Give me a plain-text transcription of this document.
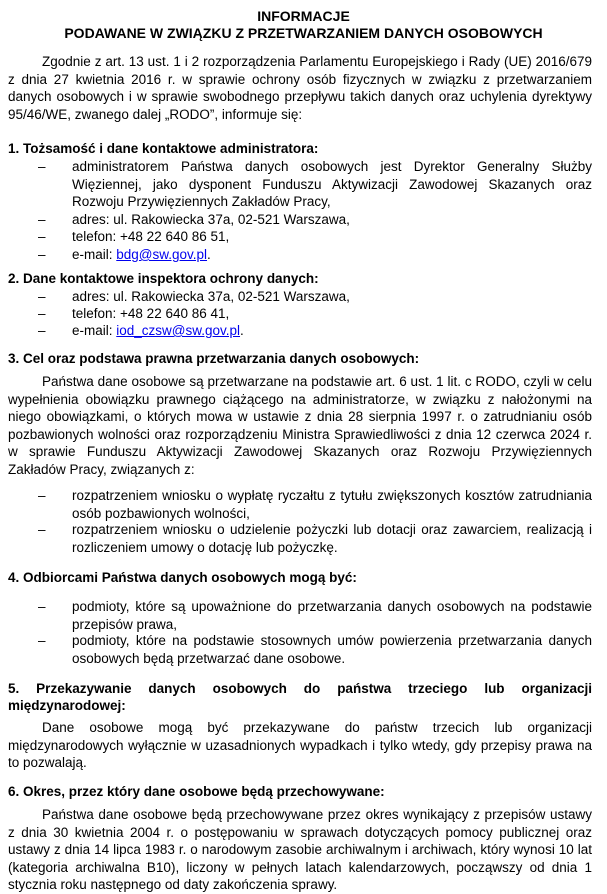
INFORMACJE
PODAWANE W ZWIĄZKU Z PRZETWARZANIEM DANYCH OSOBOWYCH
Zgodnie z art. 13 ust. 1 i 2 rozporządzenia Parlamentu Europejskiego i Rady (UE) 2016/679 z dnia 27 kwietnia 2016 r. w sprawie ochrony osób fizycznych w związku z przetwarzaniem danych osobowych i w sprawie swobodnego przepływu takich danych oraz uchylenia dyrektywy 95/46/WE, zwanego dalej „RODO”, informuje się:
1. Tożsamość i dane kontaktowe administratora:
–	administratorem Państwa danych osobowych jest Dyrektor Generalny Służby Więziennej, jako dysponent Funduszu Aktywizacji Zawodowej Skazanych oraz Rozwoju Przywięziennych Zakładów Pracy,
–	adres: ul. Rakowiecka 37a, 02-521 Warszawa,
–	telefon: +48 22 640 86 51,
–	e-mail: bdg@sw.gov.pl.
2. Dane kontaktowe inspektora ochrony danych:
–	adres: ul. Rakowiecka 37a, 02-521 Warszawa,
–	telefon: +48 22 640 86 41,
–	e-mail: iod_czsw@sw.gov.pl.
3. Cel oraz podstawa prawna przetwarzania danych osobowych:
Państwa dane osobowe są przetwarzane na podstawie art. 6 ust. 1 lit. c RODO, czyli w celu wypełnienia obowiązku prawnego ciążącego na administratorze, w związku z nałożonymi na niego obowiązkami, o których mowa w ustawie z dnia 28 sierpnia 1997 r. o zatrudnianiu osób pozbawionych wolności oraz rozporządzeniu Ministra Sprawiedliwości z dnia 12 czerwca 2024 r. w sprawie Funduszu Aktywizacji Zawodowej Skazanych oraz Rozwoju Przywięziennych Zakładów Pracy, związanych z:
–	rozpatrzeniem wniosku o wypłatę ryczałtu z tytułu zwiększonych kosztów zatrudniania osób pozbawionych wolności,
–	rozpatrzeniem wniosku o udzielenie pożyczki lub dotacji oraz zawarciem, realizacją i rozliczeniem umowy o dotację lub pożyczkę.
4. Odbiorcami Państwa danych osobowych mogą być:
–	podmioty, które są upoważnione do przetwarzania danych osobowych na podstawie przepisów prawa,
–	podmioty, które na podstawie stosownych umów powierzenia przetwarzania danych osobowych będą przetwarzać dane osobowe.
5. Przekazywanie danych osobowych do państwa trzeciego lub organizacji
międzynarodowej:
Dane osobowe mogą być przekazywane do państw trzecich lub organizacji międzynarodowych wyłącznie w uzasadnionych wypadkach i tylko wtedy, gdy przepisy prawa na to pozwalają.
6. Okres, przez który dane osobowe będą przechowywane:
Państwa dane osobowe będą przechowywane przez okres wynikający z przepisów ustawy z dnia 30 kwietnia 2004 r. o postępowaniu w sprawach dotyczących pomocy publicznej oraz ustawy z dnia 14 lipca 1983 r. o narodowym zasobie archiwalnym i archiwach, który wynosi 10 lat (kategoria archiwalna B10), liczony w pełnych latach kalendarzowych, począwszy od dnia 1 stycznia roku następnego od daty zakończenia sprawy.
